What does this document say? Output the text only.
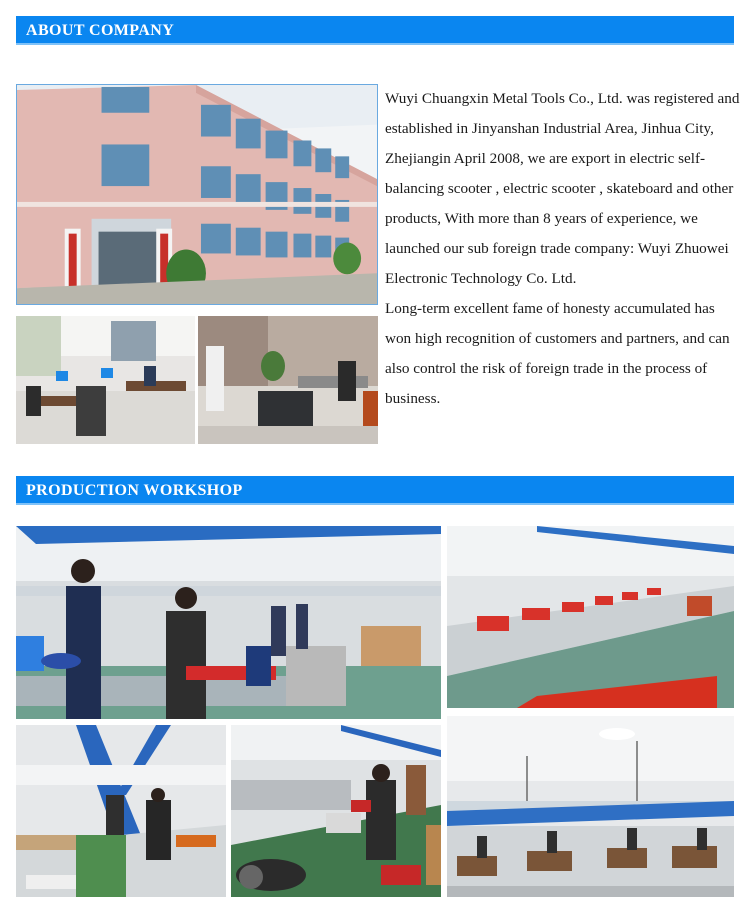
ABOUT COMPANY

Wuyi Chuangxin Metal Tools Co., Ltd. was registered and established in Jinyanshan Industrial Area, Jinhua City, Zhejiangin April 2008, we are export in electric self-balancing scooter , electric scooter , skateboard and other products, With more than 8 years of experience, we launched our sub foreign trade company: Wuyi Zhuowei Electronic Technology Co. Ltd.

Long-term excellent fame of honesty accumulated has won high recognition of customers and partners, and can also control the risk of foreign trade in the process of business.

PRODUCTION WORKSHOP
